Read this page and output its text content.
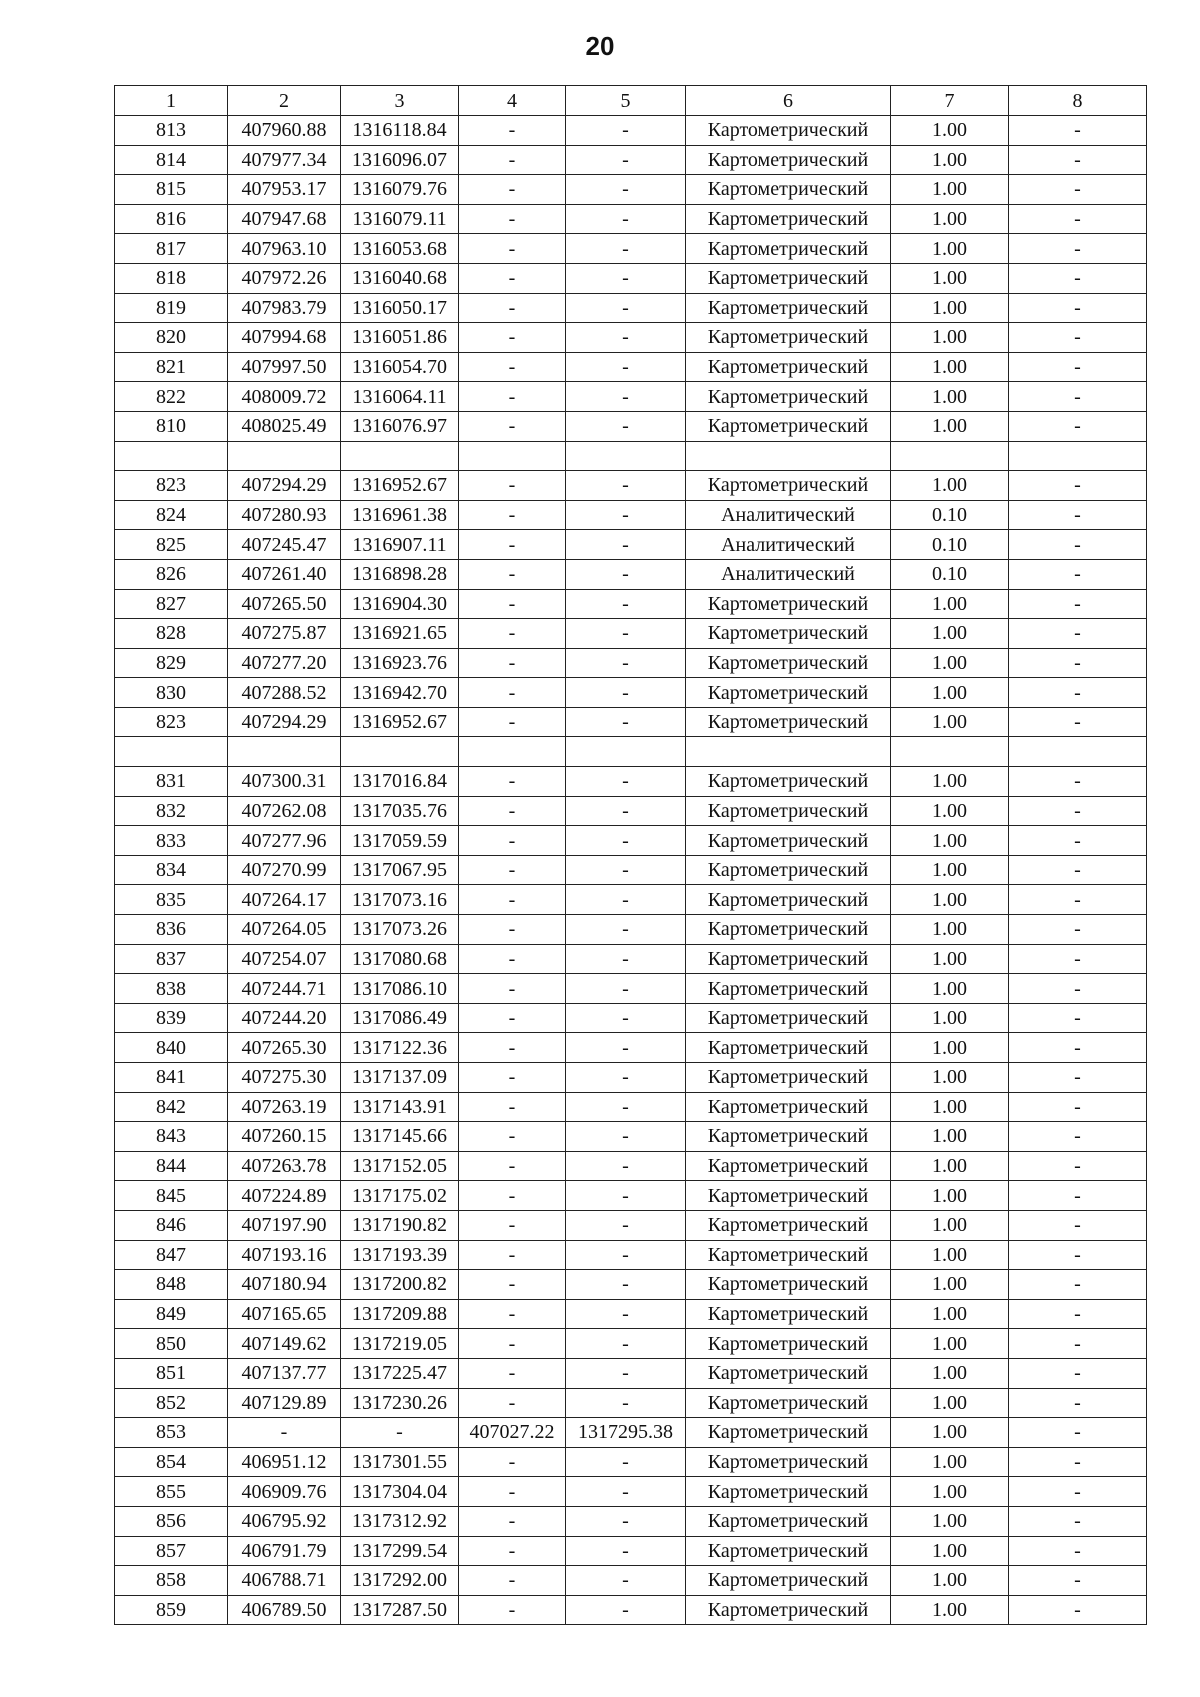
20
1	2	3	4	5	6	7	8
813	407960.88	1316118.84	-	-	Картометрический	1.00	-
814	407977.34	1316096.07	-	-	Картометрический	1.00	-
815	407953.17	1316079.76	-	-	Картометрический	1.00	-
816	407947.68	1316079.11	-	-	Картометрический	1.00	-
817	407963.10	1316053.68	-	-	Картометрический	1.00	-
818	407972.26	1316040.68	-	-	Картометрический	1.00	-
819	407983.79	1316050.17	-	-	Картометрический	1.00	-
820	407994.68	1316051.86	-	-	Картометрический	1.00	-
821	407997.50	1316054.70	-	-	Картометрический	1.00	-
822	408009.72	1316064.11	-	-	Картометрический	1.00	-
810	408025.49	1316076.97	-	-	Картометрический	1.00	-

823	407294.29	1316952.67	-	-	Картометрический	1.00	-
824	407280.93	1316961.38	-	-	Аналитический	0.10	-
825	407245.47	1316907.11	-	-	Аналитический	0.10	-
826	407261.40	1316898.28	-	-	Аналитический	0.10	-
827	407265.50	1316904.30	-	-	Картометрический	1.00	-
828	407275.87	1316921.65	-	-	Картометрический	1.00	-
829	407277.20	1316923.76	-	-	Картометрический	1.00	-
830	407288.52	1316942.70	-	-	Картометрический	1.00	-
823	407294.29	1316952.67	-	-	Картометрический	1.00	-

831	407300.31	1317016.84	-	-	Картометрический	1.00	-
832	407262.08	1317035.76	-	-	Картометрический	1.00	-
833	407277.96	1317059.59	-	-	Картометрический	1.00	-
834	407270.99	1317067.95	-	-	Картометрический	1.00	-
835	407264.17	1317073.16	-	-	Картометрический	1.00	-
836	407264.05	1317073.26	-	-	Картометрический	1.00	-
837	407254.07	1317080.68	-	-	Картометрический	1.00	-
838	407244.71	1317086.10	-	-	Картометрический	1.00	-
839	407244.20	1317086.49	-	-	Картометрический	1.00	-
840	407265.30	1317122.36	-	-	Картометрический	1.00	-
841	407275.30	1317137.09	-	-	Картометрический	1.00	-
842	407263.19	1317143.91	-	-	Картометрический	1.00	-
843	407260.15	1317145.66	-	-	Картометрический	1.00	-
844	407263.78	1317152.05	-	-	Картометрический	1.00	-
845	407224.89	1317175.02	-	-	Картометрический	1.00	-
846	407197.90	1317190.82	-	-	Картометрический	1.00	-
847	407193.16	1317193.39	-	-	Картометрический	1.00	-
848	407180.94	1317200.82	-	-	Картометрический	1.00	-
849	407165.65	1317209.88	-	-	Картометрический	1.00	-
850	407149.62	1317219.05	-	-	Картометрический	1.00	-
851	407137.77	1317225.47	-	-	Картометрический	1.00	-
852	407129.89	1317230.26	-	-	Картометрический	1.00	-
853	-	-	407027.22	1317295.38	Картометрический	1.00	-
854	406951.12	1317301.55	-	-	Картометрический	1.00	-
855	406909.76	1317304.04	-	-	Картометрический	1.00	-
856	406795.92	1317312.92	-	-	Картометрический	1.00	-
857	406791.79	1317299.54	-	-	Картометрический	1.00	-
858	406788.71	1317292.00	-	-	Картометрический	1.00	-
859	406789.50	1317287.50	-	-	Картометрический	1.00	-
